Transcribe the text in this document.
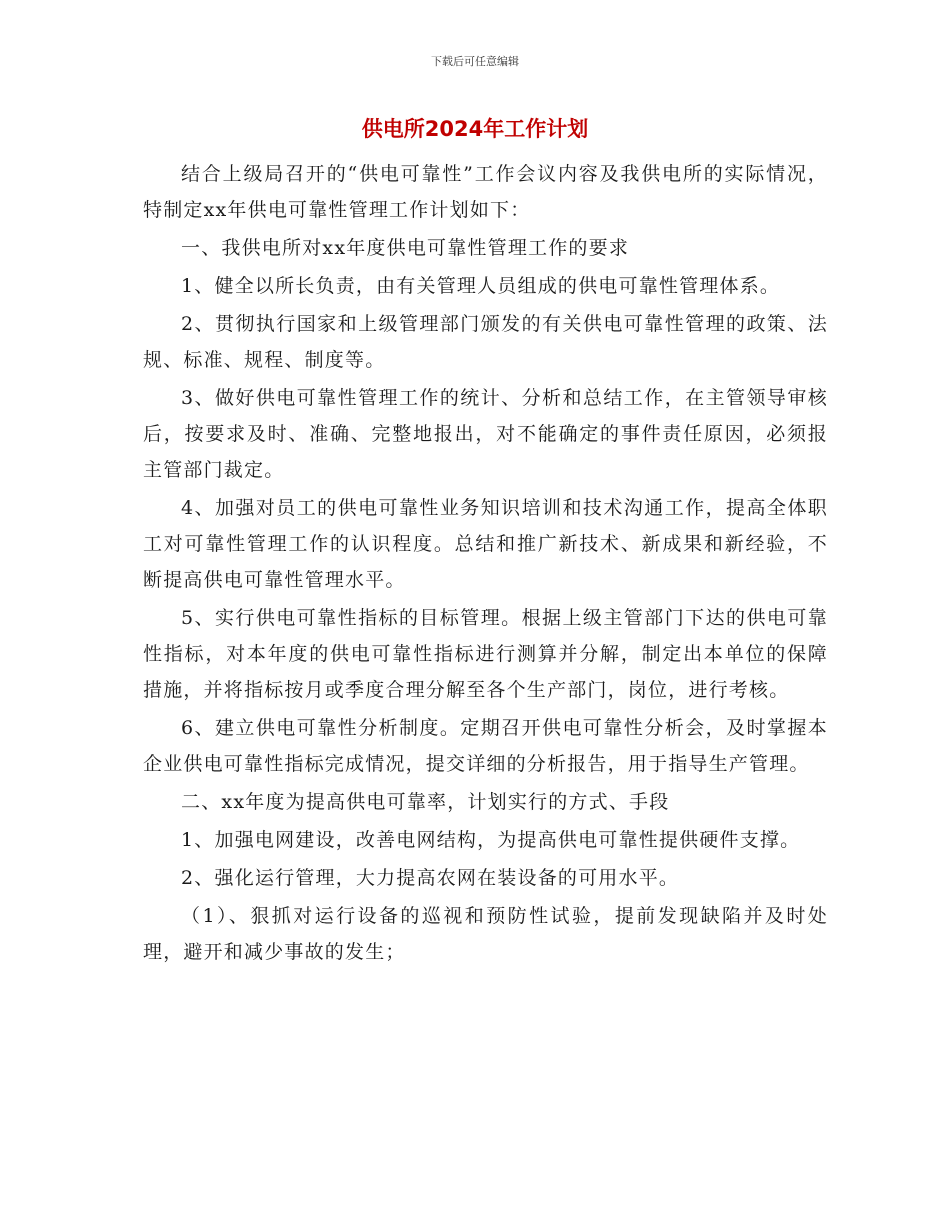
下载后可任意编辑
供电所2024年工作计划

结合上级局召开的“供电可靠性”工作会议内容及我供电所的实际情况，特制定xx年供电可靠性管理工作计划如下：

一、我供电所对xx年度供电可靠性管理工作的要求

1、健全以所长负责，由有关管理人员组成的供电可靠性管理体系。

2、贯彻执行国家和上级管理部门颁发的有关供电可靠性管理的政策、法规、标准、规程、制度等。

3、做好供电可靠性管理工作的统计、分析和总结工作，在主管领导审核后，按要求及时、准确、完整地报出，对不能确定的事件责任原因，必须报主管部门裁定。

4、加强对员工的供电可靠性业务知识培训和技术沟通工作，提高全体职工对可靠性管理工作的认识程度。总结和推广新技术、新成果和新经验，不断提高供电可靠性管理水平。

5、实行供电可靠性指标的目标管理。根据上级主管部门下达的供电可靠性指标，对本年度的供电可靠性指标进行测算并分解，制定出本单位的保障措施，并将指标按月或季度合理分解至各个生产部门，岗位，进行考核。

6、建立供电可靠性分析制度。定期召开供电可靠性分析会，及时掌握本企业供电可靠性指标完成情况，提交详细的分析报告，用于指导生产管理。

二、xx年度为提高供电可靠率，计划实行的方式、手段

1、加强电网建设，改善电网结构，为提高供电可靠性提供硬件支撑。

2、强化运行管理，大力提高农网在装设备的可用水平。

（1）、狠抓对运行设备的巡视和预防性试验，提前发现缺陷并及时处理，避开和减少事故的发生；
